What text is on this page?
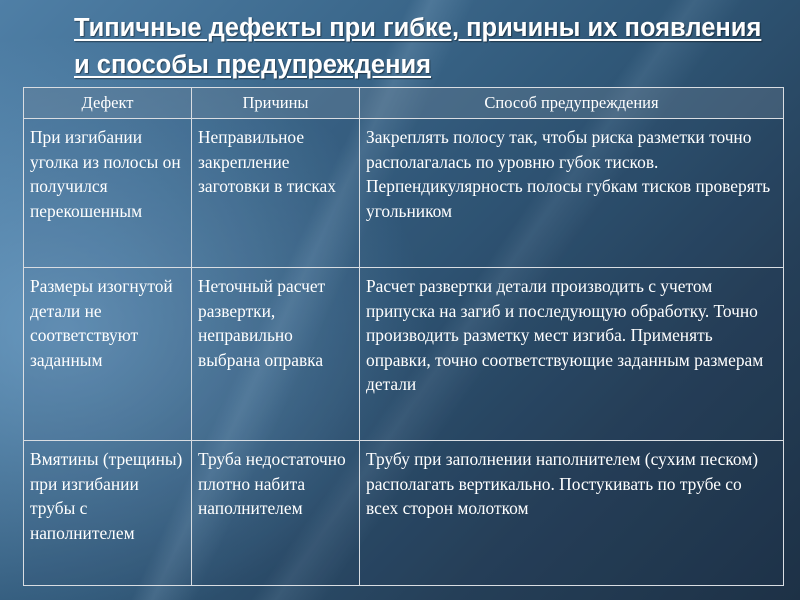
Типичные дефекты при гибке, причины их появления и способы предупреждения
Дефект	Причины	Способ предупреждения
При изгибании уголка из полосы он получился перекошенным	Неправильное закрепление заготовки в тисках	Закреплять полосу так, чтобы риска разметки точно располагалась по уровню губок тисков. Перпендикулярность полосы губкам тисков проверять угольником
Размеры изогнутой детали не соответствуют заданным	Неточный расчет развертки, неправильно выбрана оправка	Расчет развертки детали производить с учетом припуска на загиб и последующую обработку. Точно производить разметку мест изгиба. Применять оправки, точно соответствующие заданным размерам детали
Вмятины (трещины) при изгибании трубы с наполнителем	Труба недостаточно плотно набита наполнителем	Трубу при заполнении наполнителем (сухим песком) располагать вертикально. Постукивать по трубе со всех сторон молотком
